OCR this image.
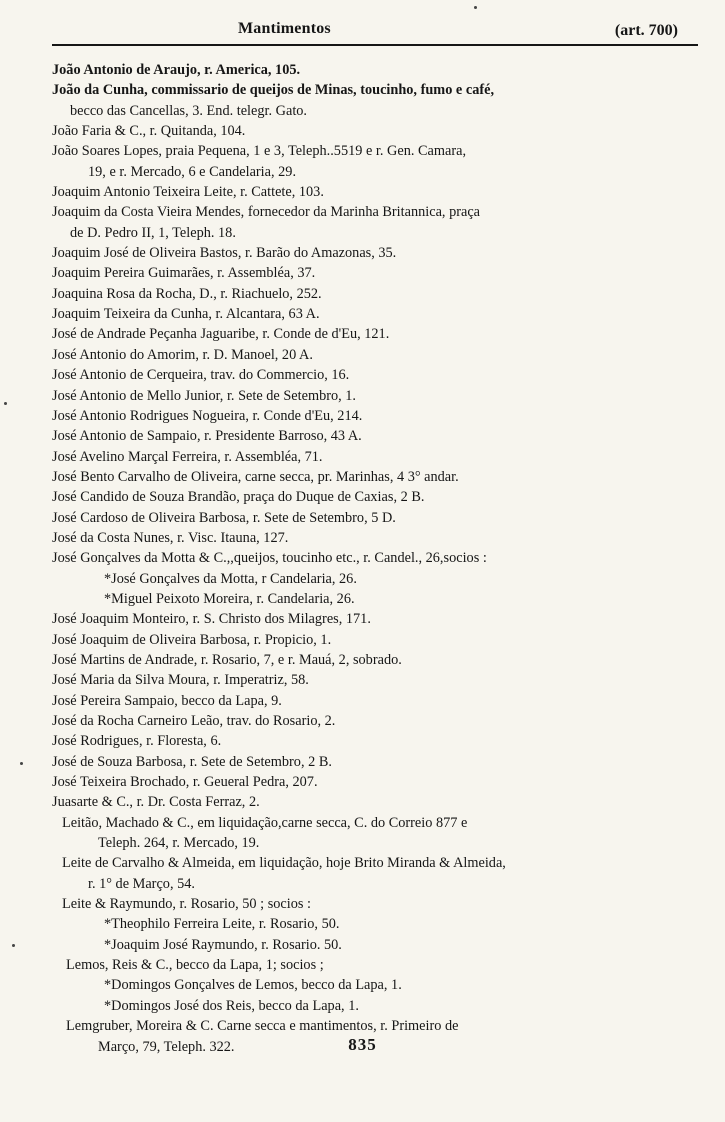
Mantimentos	(art. 700)
João Antonio de Araujo, r. America, 105.
João da Cunha, commissario de queijos de Minas, toucinho, fumo e café,
becco das Cancellas, 3. End. telegr. Gato.
João Faria & C., r. Quitanda, 104.
João Soares Lopes, praia Pequena, 1 e 3, Teleph..5519 e r. Gen. Camara,
19, e r. Mercado, 6 e Candelaria, 29.
Joaquim Antonio Teixeira Leite, r. Cattete, 103.
Joaquim da Costa Vieira Mendes, fornecedor da Marinha Britannica, praça
de D. Pedro II, 1, Teleph. 18.
Joaquim José de Oliveira Bastos, r. Barão do Amazonas, 35.
Joaquim Pereira Guimarães, r. Assembléa, 37.
Joaquina Rosa da Rocha, D., r. Riachuelo, 252.
Joaquim Teixeira da Cunha, r. Alcantara, 63 A.
José de Andrade Peçanha Jaguaribe, r. Conde de d'Eu, 121.
José Antonio do Amorim, r. D. Manoel, 20 A.
José Antonio de Cerqueira, trav. do Commercio, 16.
José Antonio de Mello Junior, r. Sete de Setembro, 1.
José Antonio Rodrigues Nogueira, r. Conde d'Eu, 214.
José Antonio de Sampaio, r. Presidente Barroso, 43 A.
José Avelino Marçal Ferreira, r. Assembléa, 71.
José Bento Carvalho de Oliveira, carne secca, pr. Marinhas, 4 3° andar.
José Candido de Souza Brandão, praça do Duque de Caxias, 2 B.
José Cardoso de Oliveira Barbosa, r. Sete de Setembro, 5 D.
José da Costa Nunes, r. Visc. Itauna, 127.
José Gonçalves da Motta & C.,,queijos, toucinho etc., r. Candel., 26,socios :
*José Gonçalves da Motta, r Candelaria, 26.
*Miguel Peixoto Moreira, r. Candelaria, 26.
José Joaquim Monteiro, r. S. Christo dos Milagres, 171.
José Joaquim de Oliveira Barbosa, r. Propicio, 1.
José Martins de Andrade, r. Rosario, 7, e r. Mauá, 2, sobrado.
José Maria da Silva Moura, r. Imperatriz, 58.
José Pereira Sampaio, becco da Lapa, 9.
José da Rocha Carneiro Leão, trav. do Rosario, 2.
José Rodrigues, r. Floresta, 6.
José de Souza Barbosa, r. Sete de Setembro, 2 B.
José Teixeira Brochado, r. Geueral Pedra, 207.
Juasarte & C., r. Dr. Costa Ferraz, 2.
Leitão, Machado & C., em liquidação,carne secca, C. do Correio 877 e
Teleph. 264, r. Mercado, 19.
Leite de Carvalho & Almeida, em liquidação, hoje Brito Miranda & Almeida,
r. 1° de Março, 54.
Leite & Raymundo, r. Rosario, 50 ; socios :
*Theophilo Ferreira Leite, r. Rosario, 50.
*Joaquim José Raymundo, r. Rosario. 50.
Lemos, Reis & C., becco da Lapa, 1; socios ;
*Domingos Gonçalves de Lemos, becco da Lapa, 1.
*Domingos José dos Reis, becco da Lapa, 1.
Lemgruber, Moreira & C. Carne secca e mantimentos, r. Primeiro de
Março, 79, Teleph. 322.	835
